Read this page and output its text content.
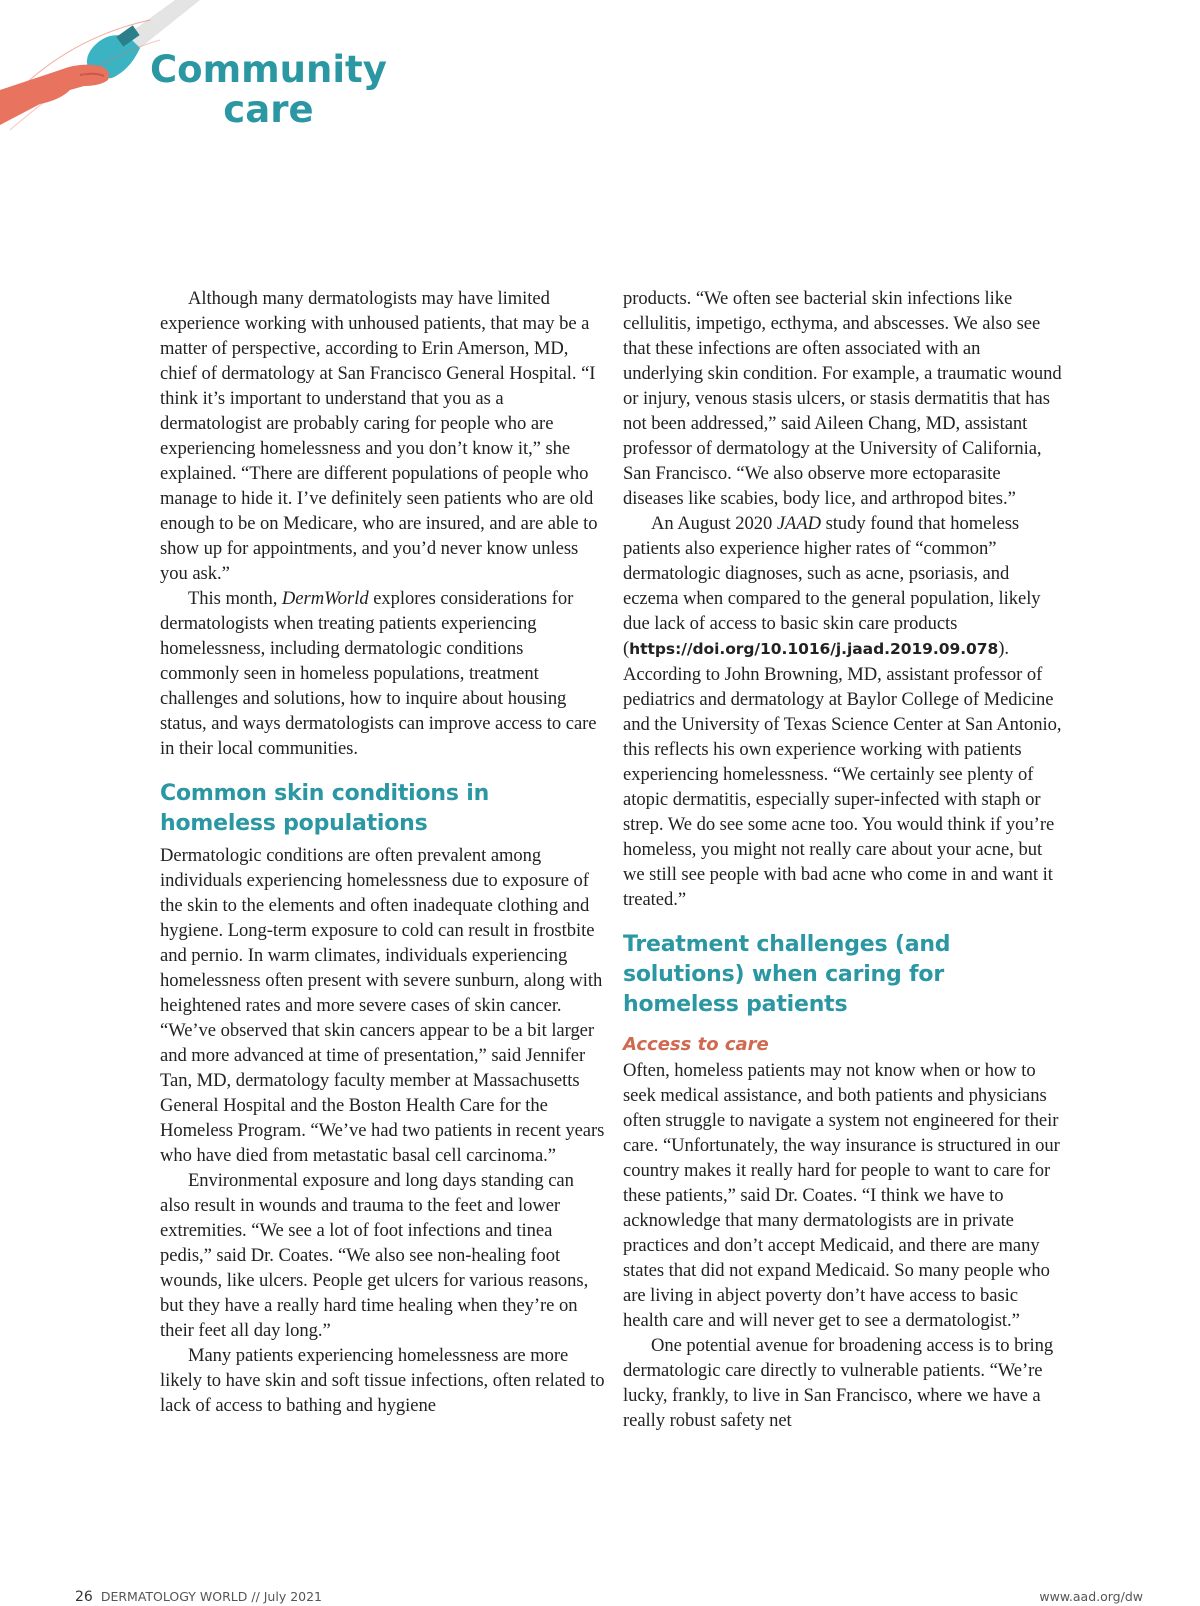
Community
care

Although many dermatologists may have limited experience working with unhoused patients, that may be a matter of perspective, according to Erin Amerson, MD, chief of dermatology at San Francisco General Hospital. “I think it’s important to understand that you as a dermatologist are probably caring for people who are experiencing homelessness and you don’t know it,” she explained. “There are different populations of people who manage to hide it. I’ve definitely seen patients who are old enough to be on Medicare, who are insured, and are able to show up for appointments, and you’d never know unless you ask.”

This month, DermWorld explores considerations for dermatologists when treating patients experiencing homelessness, including dermatologic conditions commonly seen in homeless populations, treatment challenges and solutions, how to inquire about housing status, and ways dermatologists can improve access to care in their local communities.

Common skin conditions in homeless populations

Dermatologic conditions are often prevalent among individuals experiencing homelessness due to exposure of the skin to the elements and often inadequate clothing and hygiene. Long-term exposure to cold can result in frostbite and pernio. In warm climates, individuals experiencing homelessness often present with severe sunburn, along with heightened rates and more severe cases of skin cancer. “We’ve observed that skin cancers appear to be a bit larger and more advanced at time of presentation,” said Jennifer Tan, MD, dermatology faculty member at Massachusetts General Hospital and the Boston Health Care for the Homeless Program. “We’ve had two patients in recent years who have died from metastatic basal cell carcinoma.”

Environmental exposure and long days standing can also result in wounds and trauma to the feet and lower extremities. “We see a lot of foot infections and tinea pedis,” said Dr. Coates. “We also see non-healing foot wounds, like ulcers. People get ulcers for various reasons, but they have a really hard time healing when they’re on their feet all day long.”

Many patients experiencing homelessness are more likely to have skin and soft tissue infections, often related to lack of access to bathing and hygiene

products. “We often see bacterial skin infections like cellulitis, impetigo, ecthyma, and abscesses. We also see that these infections are often associated with an underlying skin condition. For example, a traumatic wound or injury, venous stasis ulcers, or stasis dermatitis that has not been addressed,” said Aileen Chang, MD, assistant professor of dermatology at the University of California, San Francisco. “We also observe more ectoparasite diseases like scabies, body lice, and arthropod bites.”

An August 2020 JAAD study found that homeless patients also experience higher rates of “common” dermatologic diagnoses, such as acne, psoriasis, and eczema when compared to the general population, likely due lack of access to basic skin care products (https://doi.org/10.1016/j.jaad.2019.09.078). According to John Browning, MD, assistant professor of pediatrics and dermatology at Baylor College of Medicine and the University of Texas Science Center at San Antonio, this reflects his own experience working with patients experiencing homelessness. “We certainly see plenty of atopic dermatitis, especially super-infected with staph or strep. We do see some acne too. You would think if you’re homeless, you might not really care about your acne, but we still see people with bad acne who come in and want it treated.”

Treatment challenges (and solutions) when caring for homeless patients
Access to care

Often, homeless patients may not know when or how to seek medical assistance, and both patients and physicians often struggle to navigate a system not engineered for their care. “Unfortunately, the way insurance is structured in our country makes it really hard for people to want to care for these patients,” said Dr. Coates. “I think we have to acknowledge that many dermatologists are in private practices and don’t accept Medicaid, and there are many states that did not expand Medicaid. So many people who are living in abject poverty don’t have access to basic health care and will never get to see a dermatologist.”

One potential avenue for broadening access is to bring dermatologic care directly to vulnerable patients. “We’re lucky, frankly, to live in San Francisco, where we have a really robust safety net

26 DERMATOLOGY WORLD // July 2021	www.aad.org/dw
